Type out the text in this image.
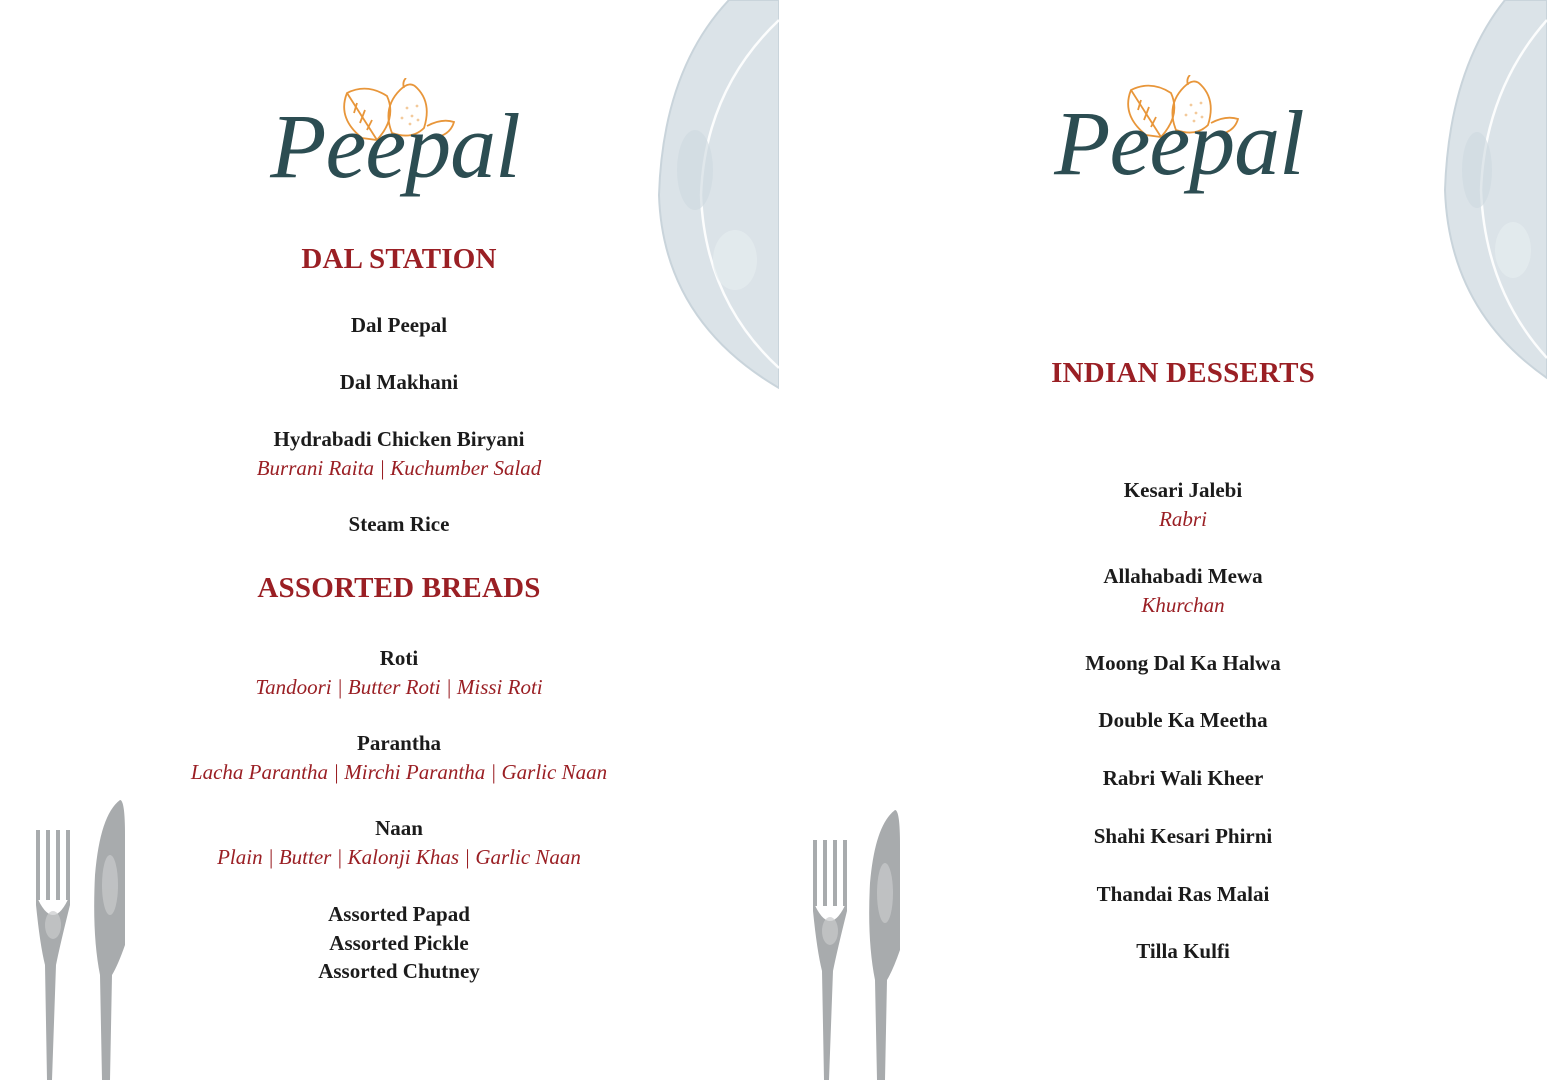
Peepal
DAL STATION
Dal Peepal
Dal Makhani
Hydrabadi Chicken Biryani
Burrani Raita | Kuchumber Salad
Steam Rice
ASSORTED BREADS
Roti
Tandoori | Butter Roti | Missi Roti
Parantha
Lacha Parantha | Mirchi Parantha | Garlic Naan
Naan
Plain | Butter | Kalonji Khas | Garlic Naan
Assorted Papad
Assorted Pickle
Assorted Chutney
Peepal
INDIAN DESSERTS
Kesari Jalebi
Rabri
Allahabadi Mewa
Khurchan
Moong Dal Ka Halwa
Double Ka Meetha
Rabri Wali Kheer
Shahi Kesari Phirni
Thandai Ras Malai
Tilla Kulfi
